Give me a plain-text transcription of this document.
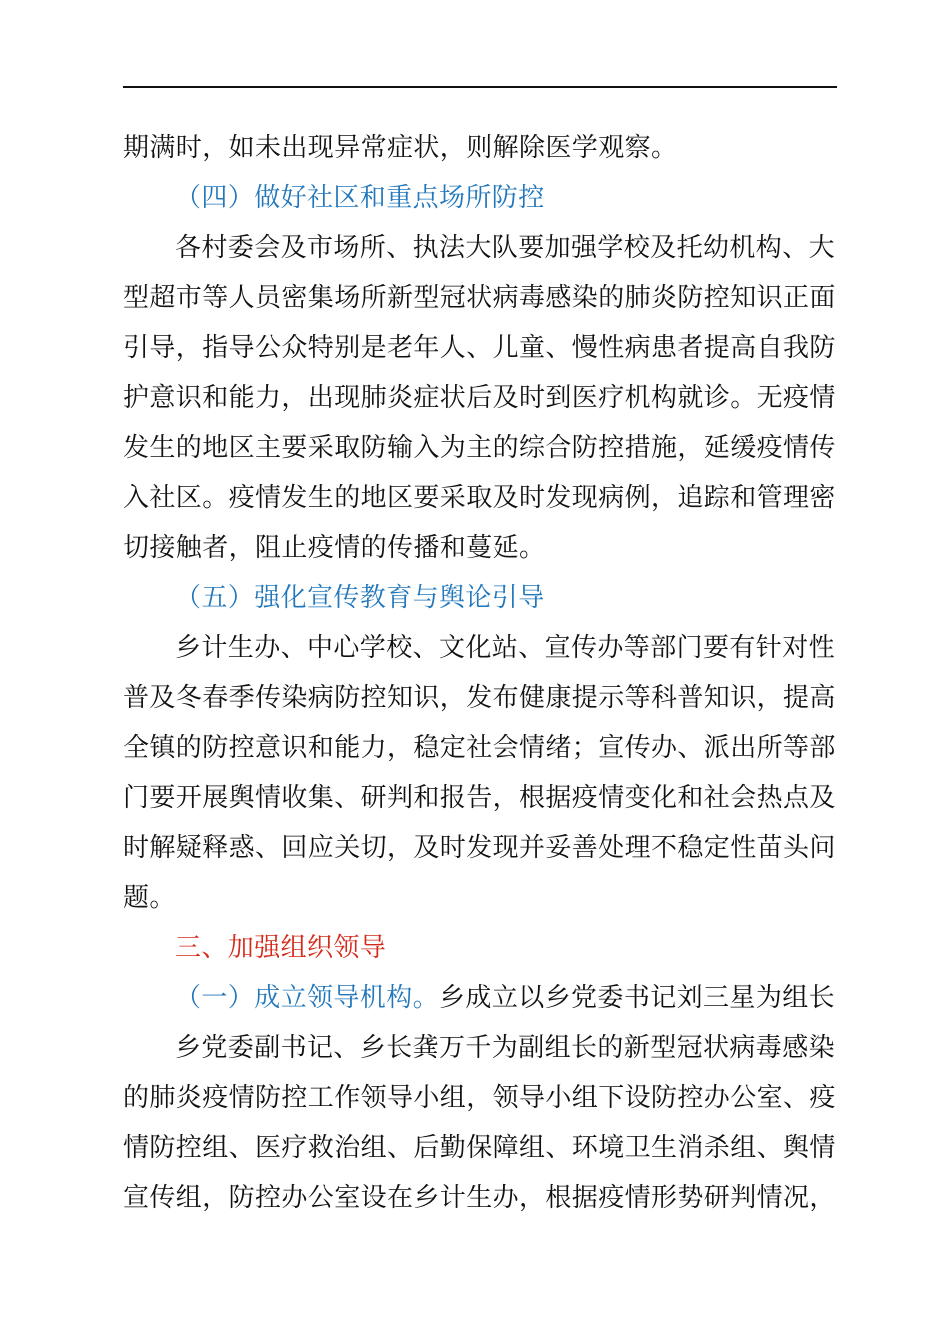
期满时，如未出现异常症状，则解除医学观察。
（四）做好社区和重点场所防控
各村委会及市场所、执法大队要加强学校及托幼机构、大
型超市等人员密集场所新型冠状病毒感染的肺炎防控知识正面
引导，指导公众特别是老年人、儿童、慢性病患者提高自我防
护意识和能力，出现肺炎症状后及时到医疗机构就诊。无疫情
发生的地区主要采取防输入为主的综合防控措施，延缓疫情传
入社区。疫情发生的地区要采取及时发现病例，追踪和管理密
切接触者，阻止疫情的传播和蔓延。
（五）强化宣传教育与舆论引导
乡计生办、中心学校、文化站、宣传办等部门要有针对性
普及冬春季传染病防控知识，发布健康提示等科普知识，提高
全镇的防控意识和能力，稳定社会情绪；宣传办、派出所等部
门要开展舆情收集、研判和报告，根据疫情变化和社会热点及
时解疑释惑、回应关切，及时发现并妥善处理不稳定性苗头问
题。
三、加强组织领导
（一）成立领导机构。乡成立以乡党委书记刘三星为组长
乡党委副书记、乡长龚万千为副组长的新型冠状病毒感染
的肺炎疫情防控工作领导小组，领导小组下设防控办公室、疫
情防控组、医疗救治组、后勤保障组、环境卫生消杀组、舆情
宣传组，防控办公室设在乡计生办，根据疫情形势研判情况，
